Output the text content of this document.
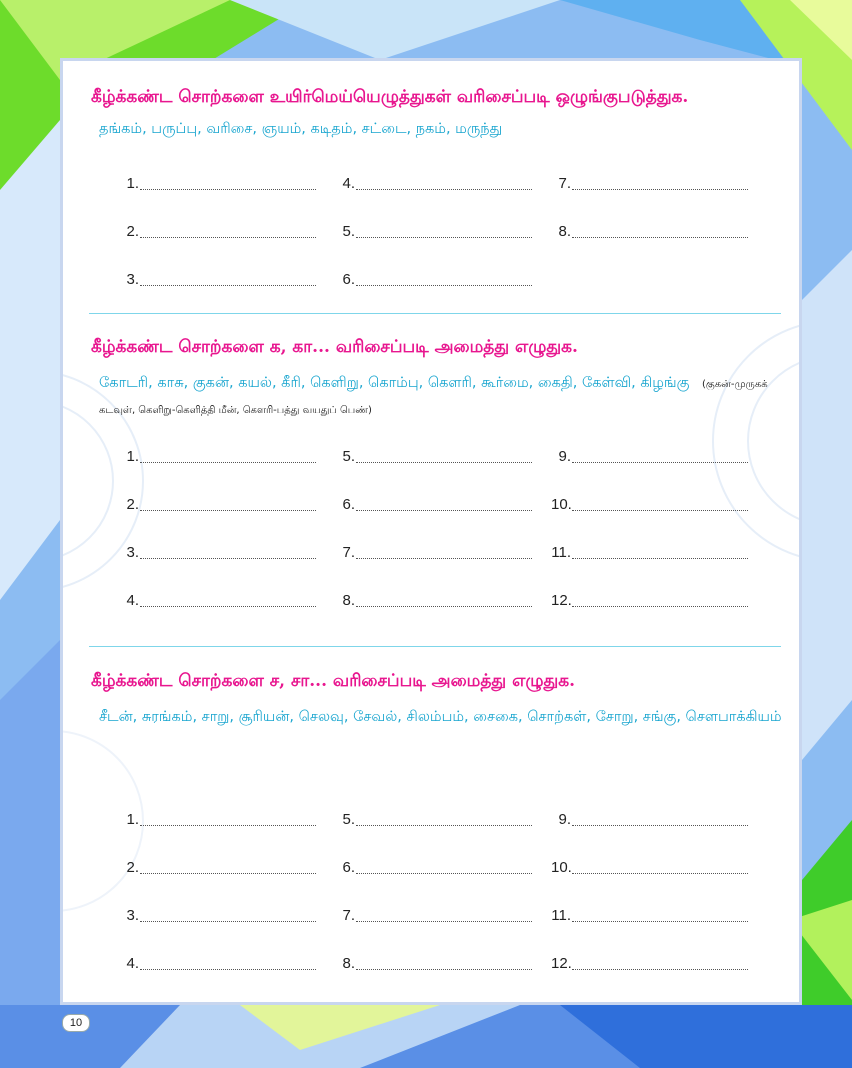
கீழ்க்கண்ட சொற்களை உயிர்மெய்யெழுத்துகள் வரிசைப்படி ஒழுங்குபடுத்துக.

தங்கம், பருப்பு, வரிசை, ஞயம், கடிதம், சட்டை, நகம், மருந்து

1.	4.	7.
2.	5.	8.
3.	6.

கீழ்க்கண்ட சொற்களை க, கா... வரிசைப்படி அமைத்து எழுதுக.

கோடரி, காசு, குகன், கயல், கீரி, கெளிறு, கொம்பு, கெளரி, கூர்மை, கைதி, கேள்வி, கிழங்கு (குகன்-முருகக் கடவுள், கெளிறு-கெளித்தி மீன், கெளரி-பத்து வயதுப் பெண்)

1.	5.	9.
2.	6.	10.
3.	7.	11.
4.	8.	12.

கீழ்க்கண்ட சொற்களை ச, சா... வரிசைப்படி அமைத்து எழுதுக.

சீடன், சுரங்கம், சாறு, சூரியன், செலவு, சேவல், சிலம்பம், சைகை, சொற்கள், சோறு, சங்கு, செளபாக்கியம்

1.	5.	9.
2.	6.	10.
3.	7.	11.
4.	8.	12.
10
